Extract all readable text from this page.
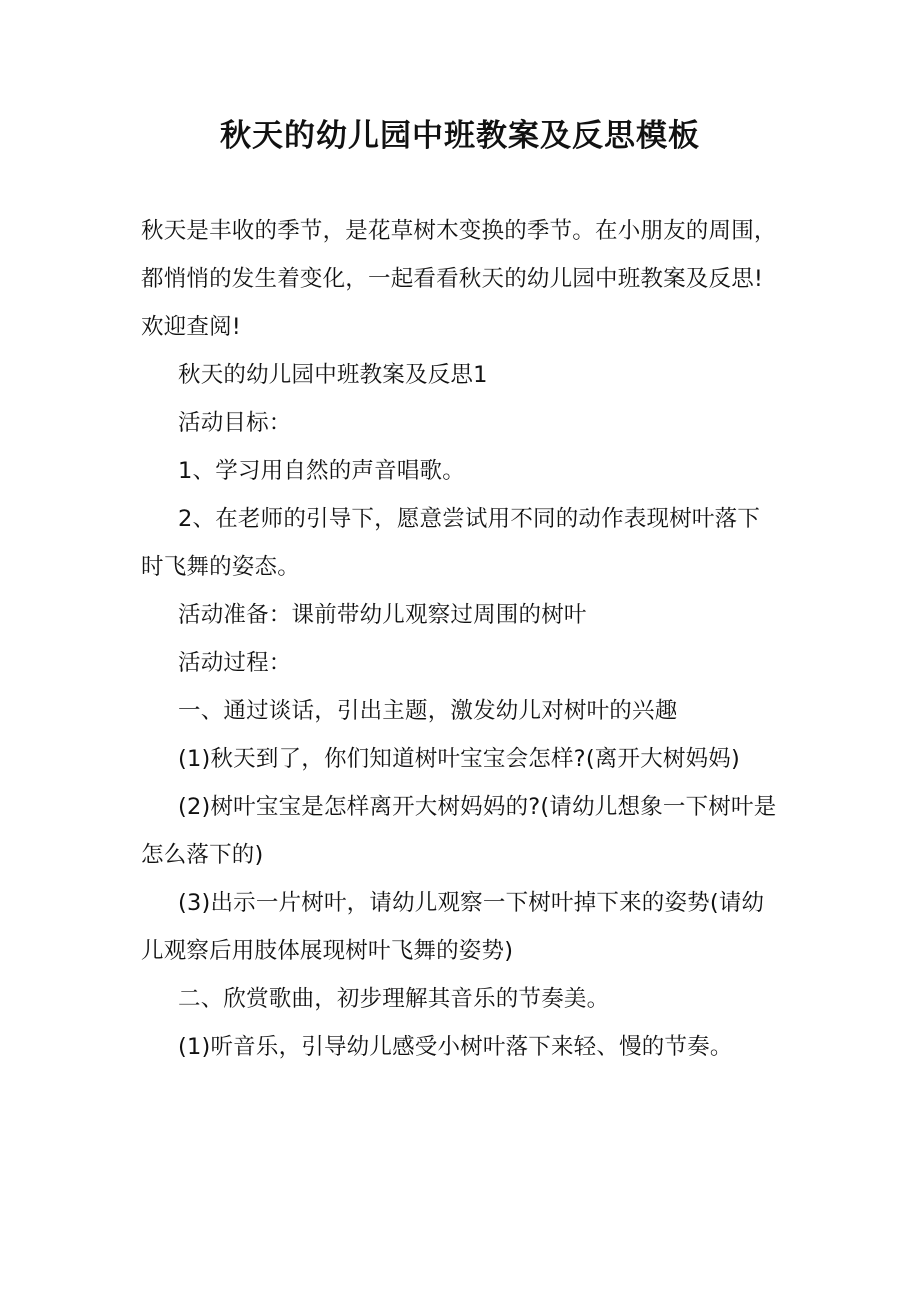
秋天的幼儿园中班教案及反思模板

秋天是丰收的季节，是花草树木变换的季节。在小朋友的周围，都悄悄的发生着变化，一起看看秋天的幼儿园中班教案及反思!欢迎查阅!

秋天的幼儿园中班教案及反思1

活动目标：

1、学习用自然的声音唱歌。

2、在老师的引导下，愿意尝试用不同的动作表现树叶落下时飞舞的姿态。

活动准备：课前带幼儿观察过周围的树叶

活动过程：

一、通过谈话，引出主题，激发幼儿对树叶的兴趣

(1)秋天到了，你们知道树叶宝宝会怎样?(离开大树妈妈)

(2)树叶宝宝是怎样离开大树妈妈的?(请幼儿想象一下树叶是怎么落下的)

(3)出示一片树叶，请幼儿观察一下树叶掉下来的姿势(请幼儿观察后用肢体展现树叶飞舞的姿势)

二、欣赏歌曲，初步理解其音乐的节奏美。

(1)听音乐，引导幼儿感受小树叶落下来轻、慢的节奏。
